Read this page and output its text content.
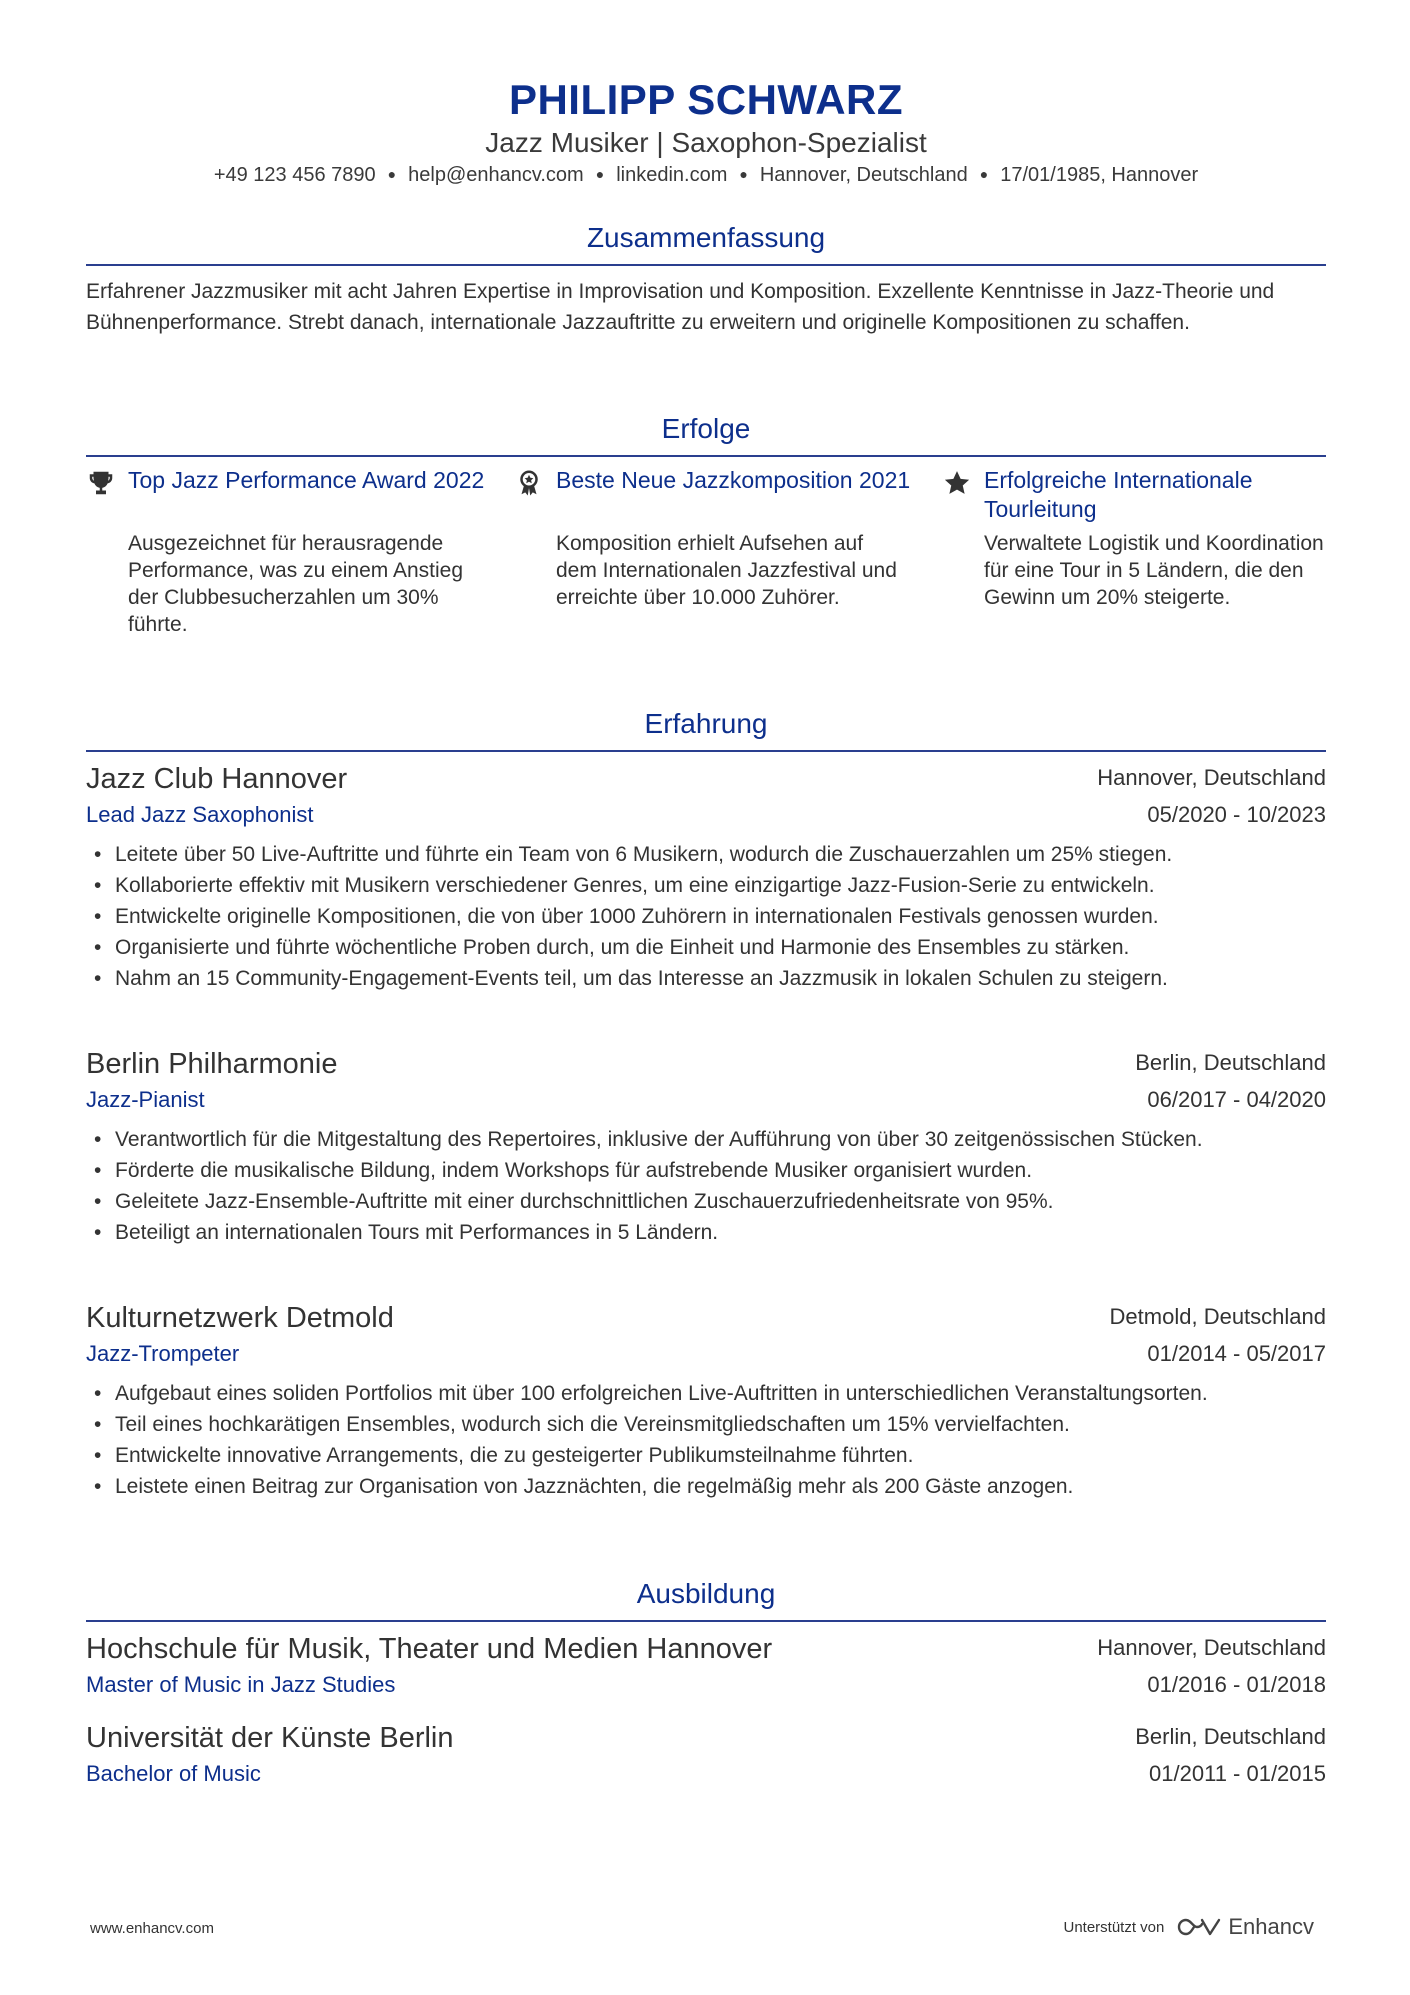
PHILIPP SCHWARZ
Jazz Musiker | Saxophon-Spezialist
+49 123 456 7890 ● help@enhancv.com ● linkedin.com ● Hannover, Deutschland ● 17/01/1985, Hannover
Zusammenfassung
Erfahrener Jazzmusiker mit acht Jahren Expertise in Improvisation und Komposition. Exzellente Kenntnisse in Jazz-Theorie und Bühnenperformance. Strebt danach, internationale Jazzauftritte zu erweitern und originelle Kompositionen zu schaffen.
Erfolge
Top Jazz Performance Award 2022
Ausgezeichnet für herausragende Performance, was zu einem Anstieg der Clubbesucherzahlen um 30% führte.
Beste Neue Jazzkomposition 2021
Komposition erhielt Aufsehen auf dem Internationalen Jazzfestival und erreichte über 10.000 Zuhörer.
Erfolgreiche Internationale Tourleitung
Verwaltete Logistik und Koordination für eine Tour in 5 Ländern, die den Gewinn um 20% steigerte.
Erfahrung
Jazz Club Hannover	Hannover, Deutschland
Lead Jazz Saxophonist	05/2020 - 10/2023
• Leitete über 50 Live-Auftritte und führte ein Team von 6 Musikern, wodurch die Zuschauerzahlen um 25% stiegen.
• Kollaborierte effektiv mit Musikern verschiedener Genres, um eine einzigartige Jazz-Fusion-Serie zu entwickeln.
• Entwickelte originelle Kompositionen, die von über 1000 Zuhörern in internationalen Festivals genossen wurden.
• Organisierte und führte wöchentliche Proben durch, um die Einheit und Harmonie des Ensembles zu stärken.
• Nahm an 15 Community-Engagement-Events teil, um das Interesse an Jazzmusik in lokalen Schulen zu steigern.
Berlin Philharmonie	Berlin, Deutschland
Jazz-Pianist	06/2017 - 04/2020
• Verantwortlich für die Mitgestaltung des Repertoires, inklusive der Aufführung von über 30 zeitgenössischen Stücken.
• Förderte die musikalische Bildung, indem Workshops für aufstrebende Musiker organisiert wurden.
• Geleitete Jazz-Ensemble-Auftritte mit einer durchschnittlichen Zuschauerzufriedenheitsrate von 95%.
• Beteiligt an internationalen Tours mit Performances in 5 Ländern.
Kulturnetzwerk Detmold	Detmold, Deutschland
Jazz-Trompeter	01/2014 - 05/2017
• Aufgebaut eines soliden Portfolios mit über 100 erfolgreichen Live-Auftritten in unterschiedlichen Veranstaltungsorten.
• Teil eines hochkarätigen Ensembles, wodurch sich die Vereinsmitgliedschaften um 15% vervielfachten.
• Entwickelte innovative Arrangements, die zu gesteigerter Publikumsteilnahme führten.
• Leistete einen Beitrag zur Organisation von Jazznächten, die regelmäßig mehr als 200 Gäste anzogen.
Ausbildung
Hochschule für Musik, Theater und Medien Hannover	Hannover, Deutschland
Master of Music in Jazz Studies	01/2016 - 01/2018
Universität der Künste Berlin	Berlin, Deutschland
Bachelor of Music	01/2011 - 01/2015
www.enhancv.com	Unterstützt von	Enhancv
